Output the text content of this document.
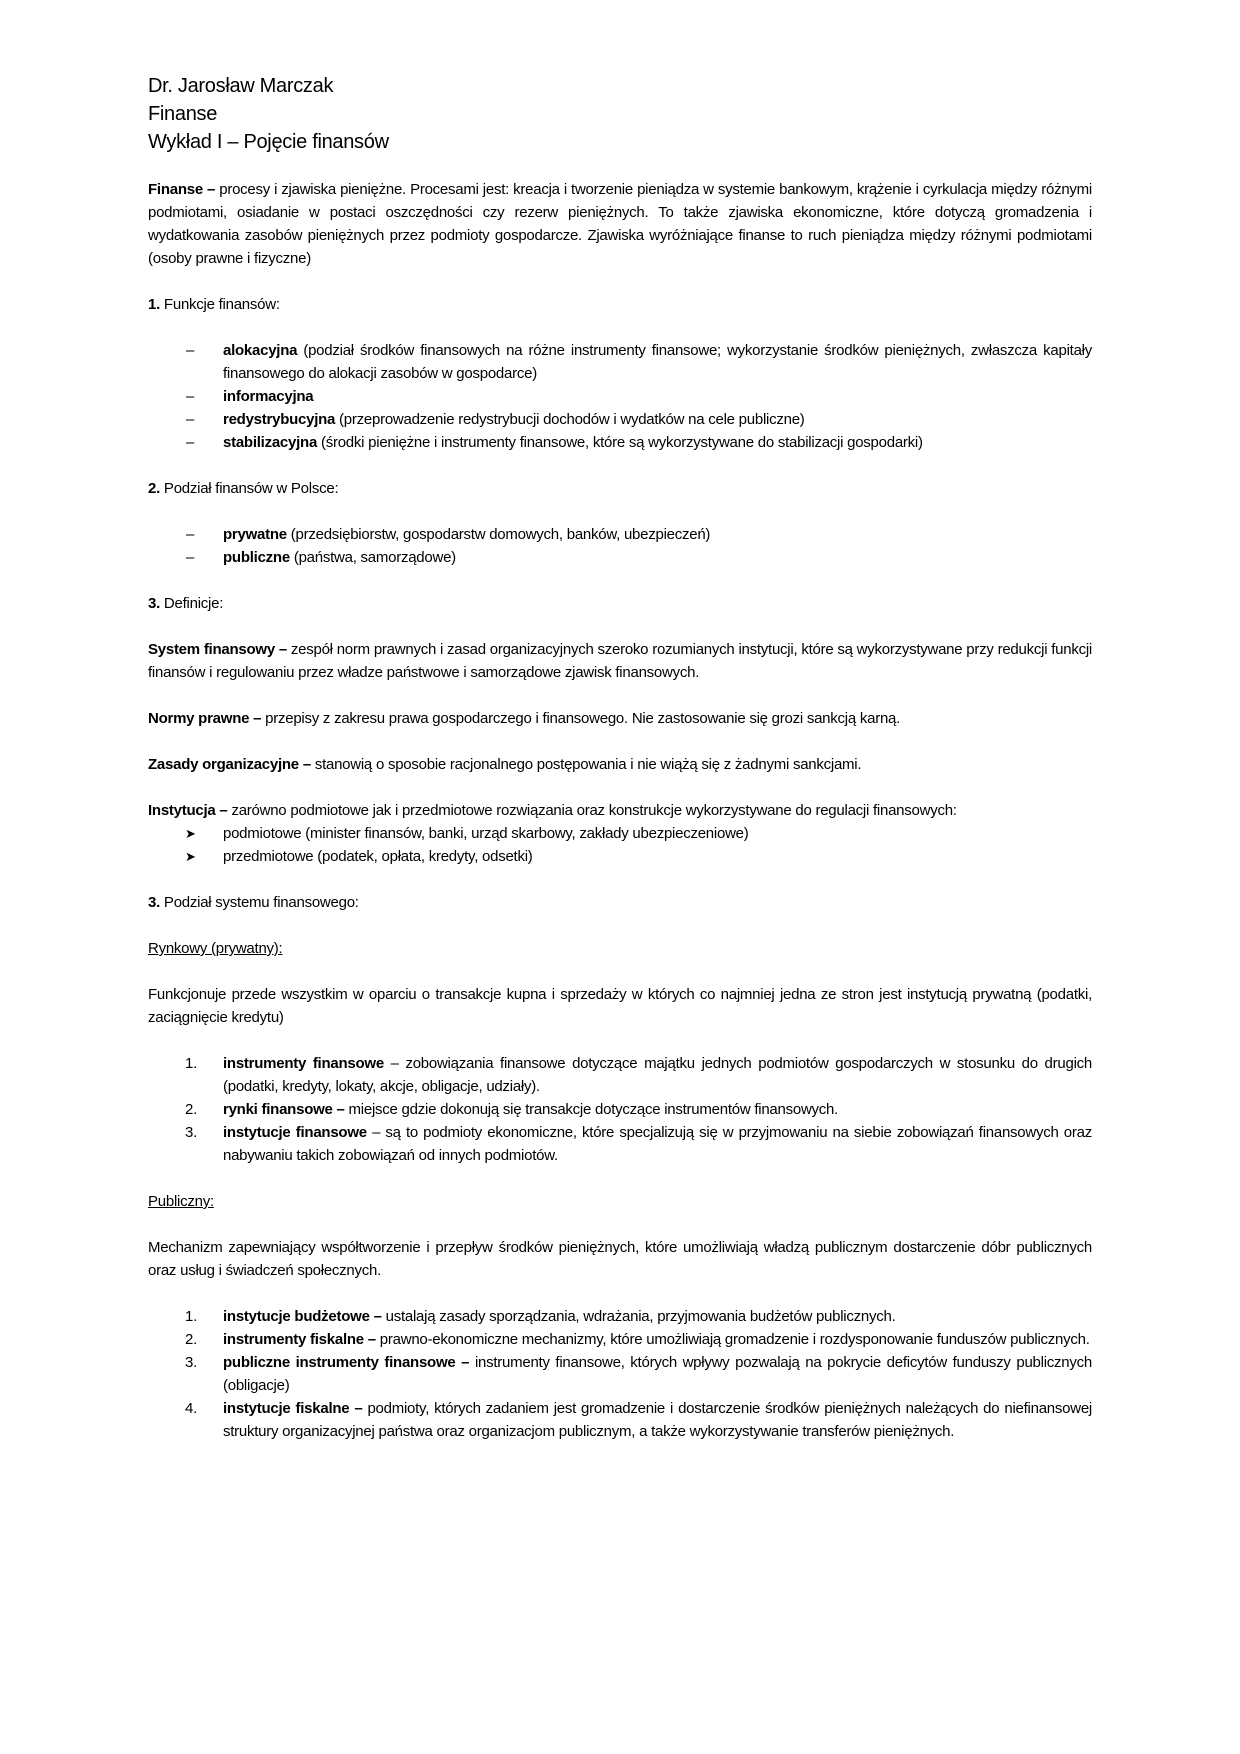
Dr. Jarosław Marczak
Finanse
Wykład I – Pojęcie finansów

Finanse – procesy i zjawiska pieniężne. Procesami jest: kreacja i tworzenie pieniądza w systemie bankowym, krążenie i cyrkulacja między różnymi podmiotami, osiadanie w postaci oszczędności czy rezerw pieniężnych. To także zjawiska ekonomiczne, które dotyczą gromadzenia i wydatkowania zasobów pieniężnych przez podmioty gospodarcze. Zjawiska wyróżniające finanse to ruch pieniądza między różnymi podmiotami (osoby prawne i fizyczne)

1. Funkcje finansów:
– alokacyjna (podział środków finansowych na różne instrumenty finansowe; wykorzystanie środków pieniężnych, zwłaszcza kapitały finansowego do alokacji zasobów w gospodarce)
– informacyjna
– redystrybucyjna (przeprowadzenie redystrybucji dochodów i wydatków na cele publiczne)
– stabilizacyjna (środki pieniężne i instrumenty finansowe, które są wykorzystywane do stabilizacji gospodarki)
2. Podział finansów w Polsce:
– prywatne (przedsiębiorstw, gospodarstw domowych, banków, ubezpieczeń)
– publiczne (państwa, samorządowe)

3. Definicje:

System finansowy – zespół norm prawnych i zasad organizacyjnych szeroko rozumianych instytucji, które są wykorzystywane przy redukcji funkcji finansów i regulowaniu przez władze państwowe i samorządowe zjawisk finansowych.

Normy prawne – przepisy z zakresu prawa gospodarczego i finansowego. Nie zastosowanie się grozi sankcją karną.

Zasady organizacyjne – stanowią o sposobie racjonalnego postępowania i nie wiążą się z żadnymi sankcjami.

Instytucja – zarówno podmiotowe jak i przedmiotowe rozwiązania oraz konstrukcje wykorzystywane do regulacji finansowych:
➤ podmiotowe (minister finansów, banki, urząd skarbowy, zakłady ubezpieczeniowe)
➤ przedmiotowe (podatek, opłata, kredyty, odsetki)

3. Podział systemu finansowego:

Rynkowy (prywatny):

Funkcjonuje przede wszystkim w oparciu o transakcje kupna i sprzedaży w których co najmniej jedna ze stron jest instytucją prywatną (podatki, zaciągnięcie kredytu)

1. instrumenty finansowe – zobowiązania finansowe dotyczące majątku jednych podmiotów gospodarczych w stosunku do drugich (podatki, kredyty, lokaty, akcje, obligacje, udziały).
2. rynki finansowe – miejsce gdzie dokonują się transakcje dotyczące instrumentów finansowych.
3. instytucje finansowe – są to podmioty ekonomiczne, które specjalizują się w przyjmowaniu na siebie zobowiązań finansowych oraz nabywaniu takich zobowiązań od innych podmiotów.

Publiczny:

Mechanizm zapewniający współtworzenie i przepływ środków pieniężnych, które umożliwiają władzą publicznym dostarczenie dóbr publicznych oraz usług i świadczeń społecznych.

1. instytucje budżetowe – ustalają zasady sporządzania, wdrażania, przyjmowania budżetów publicznych.
2. instrumenty fiskalne – prawno-ekonomiczne mechanizmy, które umożliwiają gromadzenie i rozdysponowanie funduszów publicznych.
3. publiczne instrumenty finansowe – instrumenty finansowe, których wpływy pozwalają na pokrycie deficytów funduszy publicznych (obligacje)
4. instytucje fiskalne – podmioty, których zadaniem jest gromadzenie i dostarczenie środków pieniężnych należących do niefinansowej struktury organizacyjnej państwa oraz organizacjom publicznym, a także wykorzystywanie transferów pieniężnych.
